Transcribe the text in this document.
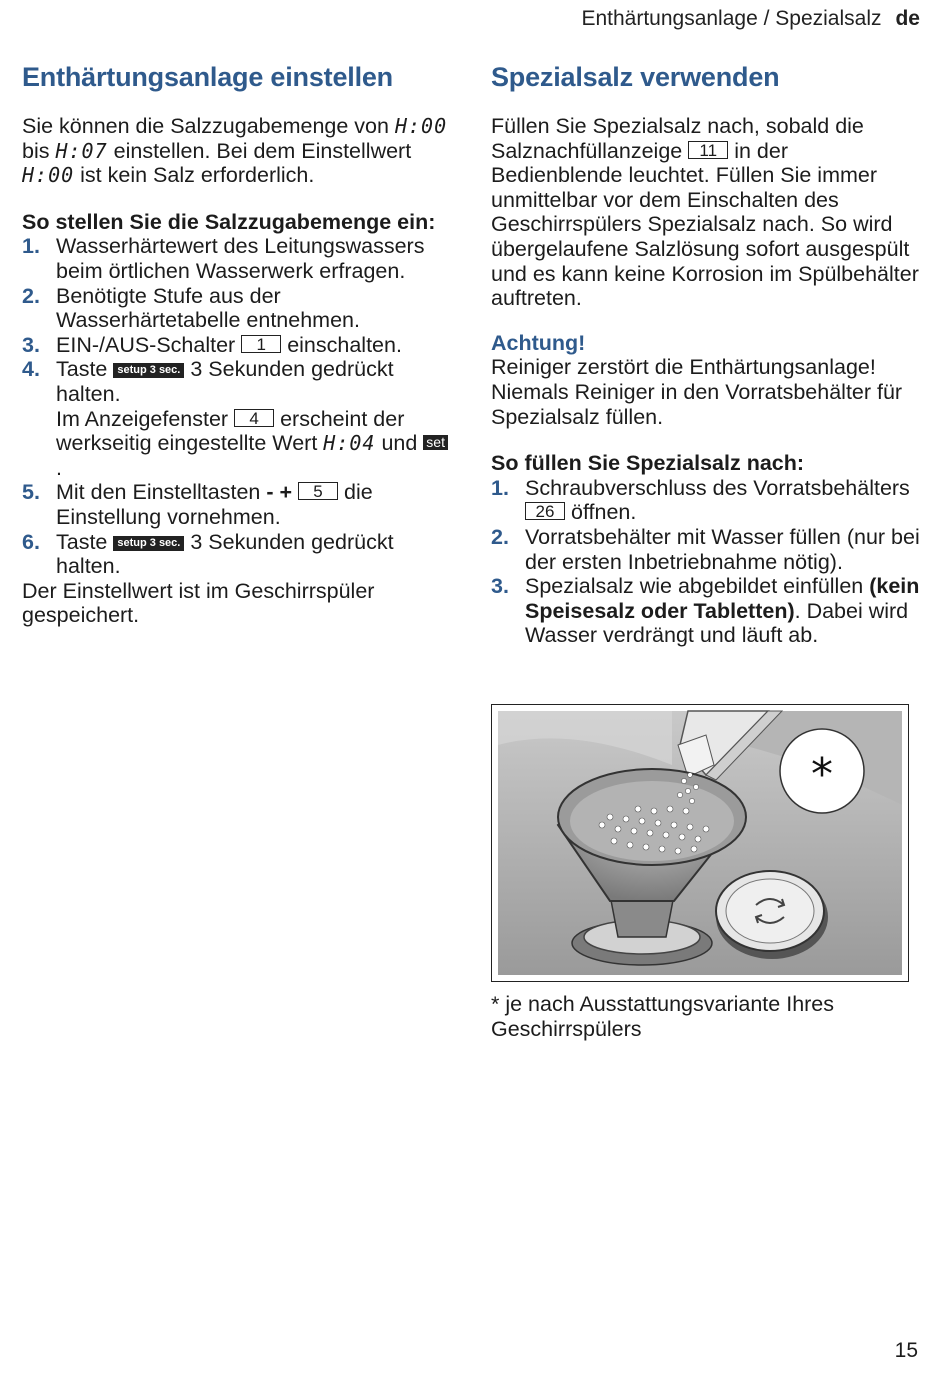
Enthärtungsanlage / Spezialsalz de
Enthärtungsanlage einstellen

Sie können die Salzzugabemenge von H:00 bis H:07 einstellen. Bei dem Einstellwert H:00 ist kein Salz erforderlich.

So stellen Sie die Salzzugabemenge ein:

1. Wasserhärtewert des Leitungswassers beim örtlichen Wasserwerk erfragen.
2. Benötigte Stufe aus der Wasserhärtetabelle entnehmen.
3. EIN-/AUS-Schalter 1 einschalten.
4. Taste setup 3 sec. 3 Sekunden gedrückt halten.
Im Anzeigefenster 4 erscheint der werkseitig eingestellte Wert H:04 und set.
5. Mit den Einstelltasten - + 5 die Einstellung vornehmen.
6. Taste setup 3 sec. 3 Sekunden gedrückt halten.

Der Einstellwert ist im Geschirrspüler gespeichert.

Spezialsalz verwenden

Füllen Sie Spezialsalz nach, sobald die Salznachfüllanzeige 11 in der Bedienblende leuchtet. Füllen Sie immer unmittelbar vor dem Einschalten des Geschirrspülers Spezialsalz nach. So wird übergelaufene Salzlösung sofort ausgespült und es kann keine Korrosion im Spülbehälter auftreten.

Achtung!

Reiniger zerstört die Enthärtungsanlage! Niemals Reiniger in den Vorratsbehälter für Spezialsalz füllen.

So füllen Sie Spezialsalz nach:

1. Schraubverschluss des Vorratsbehälters 26 öffnen.
2. Vorratsbehälter mit Wasser füllen (nur bei der ersten Inbetriebnahme nötig).
3. Spezialsalz wie abgebildet einfüllen (kein Speisesalz oder Tabletten). Dabei wird Wasser verdrängt und läuft ab.
*

* je nach Ausstattungsvariante Ihres Geschirrspülers

15
